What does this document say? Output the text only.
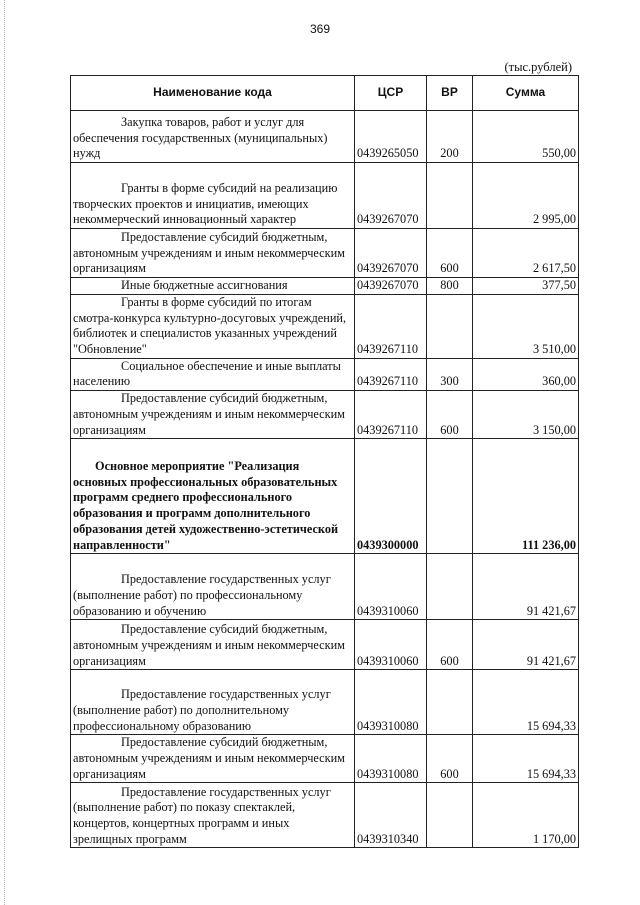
369
(тыс.рублей)
Наименование кода	ЦСР	ВР	Сумма

Закупка товаров, работ и услуг для обеспечения государственных (муниципальных) нужд	0439265050	200	550,00

Гранты в форме субсидий на реализацию творческих проектов и инициатив, имеющих некоммерческий инновационный характер	0439267070		2 995,00

Предоставление субсидий бюджетным, автономным учреждениям и иным некоммерческим организациям	0439267070	600	2 617,50

Иные бюджетные ассигнования	0439267070	800	377,50

Гранты в форме субсидий по итогам смотра-конкурса культурно-досуговых учреждений, библиотек и специалистов указанных учреждений "Обновление"	0439267110		3 510,00

Социальное обеспечение и иные выплаты населению	0439267110	300	360,00

Предоставление субсидий бюджетным, автономным учреждениям и иным некоммерческим организациям	0439267110	600	3 150,00

Основное мероприятие "Реализация основных профессиональных образовательных программ среднего профессионального образования и программ дополнительного образования детей художественно-эстетической направленности"	0439300000		111 236,00

Предоставление государственных услуг (выполнение работ) по профессиональному образованию и обучению	0439310060		91 421,67

Предоставление субсидий бюджетным, автономным учреждениям и иным некоммерческим организациям	0439310060	600	91 421,67

Предоставление государственных услуг (выполнение работ) по дополнительному профессиональному образованию	0439310080		15 694,33

Предоставление субсидий бюджетным, автономным учреждениям и иным некоммерческим организациям	0439310080	600	15 694,33

Предоставление государственных услуг (выполнение работ) по показу спектаклей, концертов, концертных программ и иных зрелищных программ	0439310340		1 170,00
